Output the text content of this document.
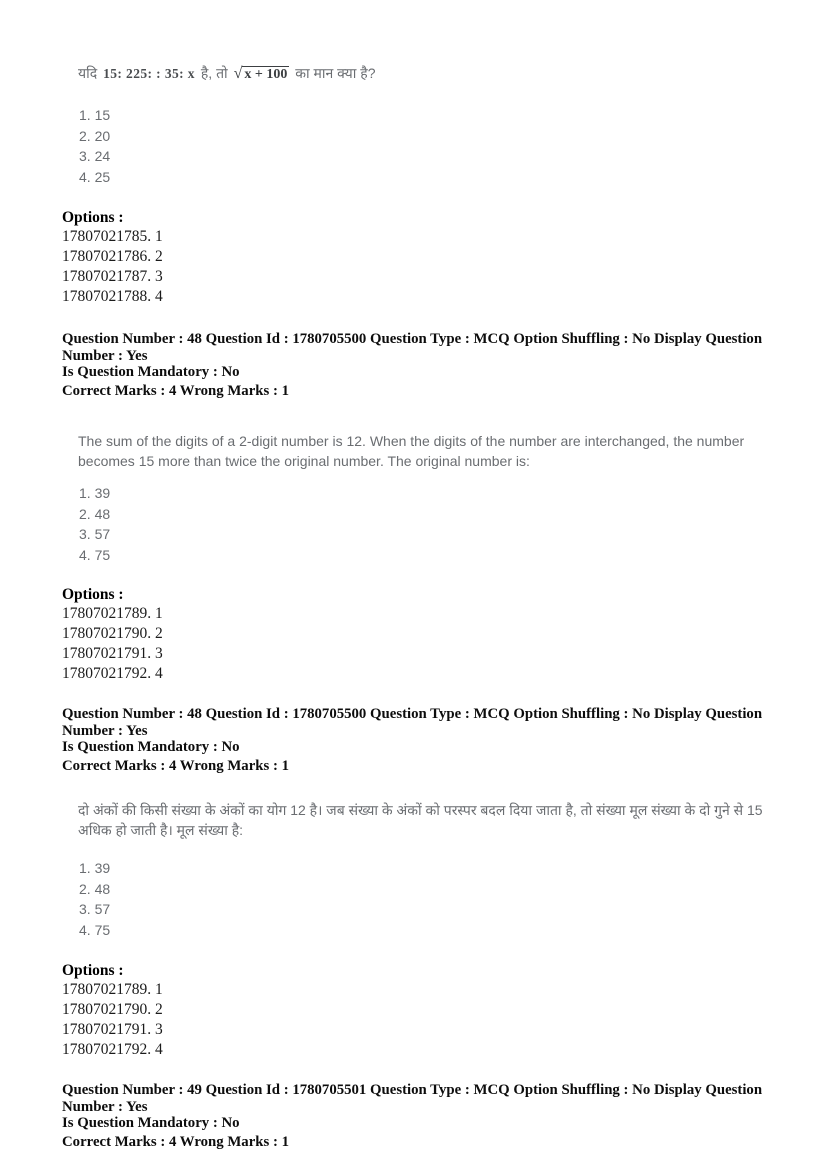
यदि 15: 225: : 35: x है, तो √ x + 100 का मान क्या है?
1. 15
2. 20
3. 24
4. 25
Options :
17807021785. 1
17807021786. 2
17807021787. 3
17807021788. 4
Question Number : 48 Question Id : 1780705500 Question Type : MCQ Option Shuffling : No Display Question Number : Yes
Is Question Mandatory : No
Correct Marks : 4 Wrong Marks : 1
The sum of the digits of a 2-digit number is 12. When the digits of the number are interchanged, the number becomes 15 more than twice the original number. The original number is:
1. 39
2. 48
3. 57
4. 75
Options :
17807021789. 1
17807021790. 2
17807021791. 3
17807021792. 4
Question Number : 48 Question Id : 1780705500 Question Type : MCQ Option Shuffling : No Display Question Number : Yes
Is Question Mandatory : No
Correct Marks : 4 Wrong Marks : 1
दो अंकों की किसी संख्या के अंकों का योग 12 है। जब संख्या के अंकों को परस्पर बदल दिया जाता है, तो संख्या मूल संख्या के दो गुने से 15 अधिक हो जाती है। मूल संख्या है:
1. 39
2. 48
3. 57
4. 75
Options :
17807021789. 1
17807021790. 2
17807021791. 3
17807021792. 4
Question Number : 49 Question Id : 1780705501 Question Type : MCQ Option Shuffling : No Display Question Number : Yes
Is Question Mandatory : No
Correct Marks : 4 Wrong Marks : 1
